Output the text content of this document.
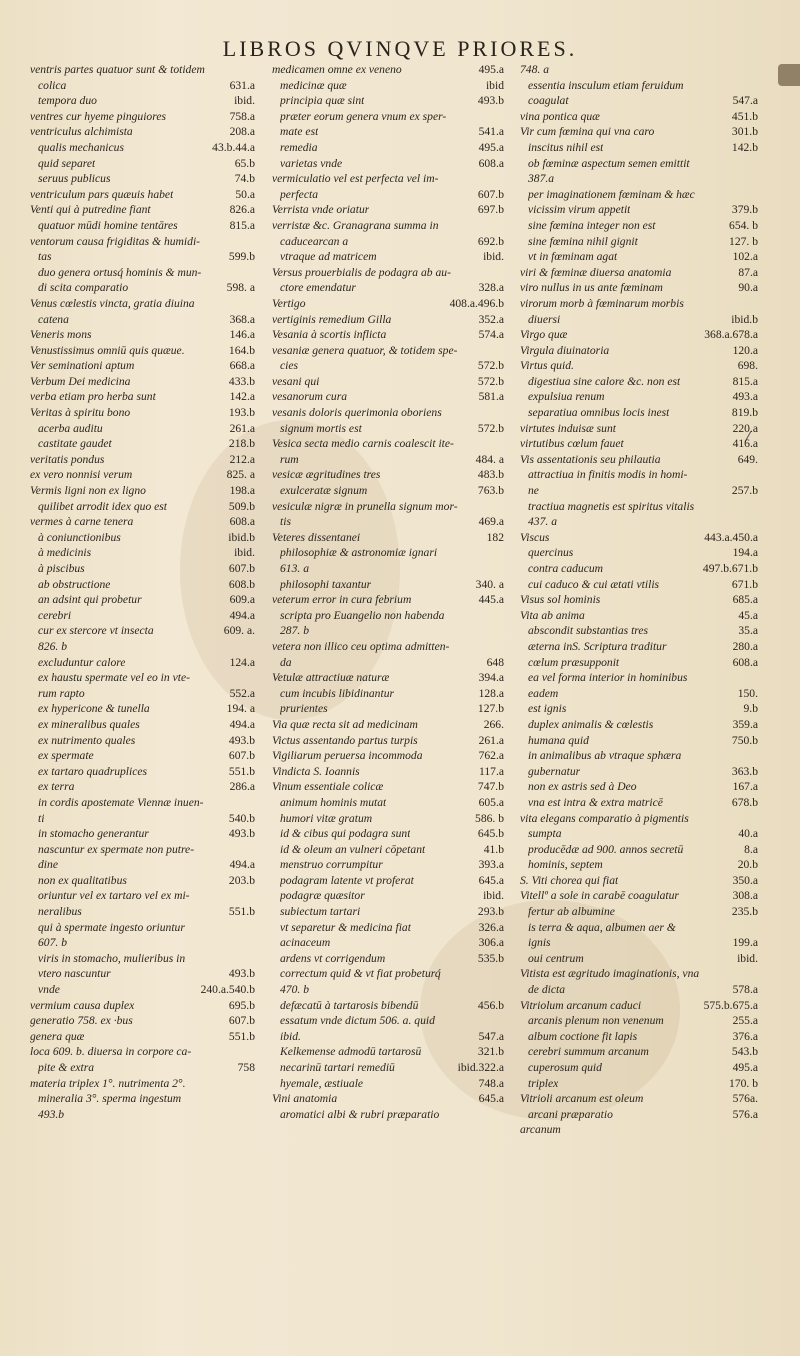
LIBROS QVINQVE PRIORES.
ventris partes quatuor sunt & totidem
colica	631.a
tempora duo	ibid.
ventres cur hyeme pinguiores	758.a
ventriculus alchimista	208.a
qualis mechanicus	43.b.44.a
quid separet	65.b
seruus publicus	74.b
ventriculum pars quæuis habet	50.a
Venti qui à putredine fiant	826.a
quatuor mūdi homine tentāres	815.a
ventorum causa frigiditas & humidi-
tas	599.b
duo genera ortusq́ hominis & mun-
di scita comparatio	598. a
Venus cœlestis vincta, gratia diuina
catena	368.a
Veneris mons	146.a
Venustissimus omniū quis quæue.	164.b
Ver seminationi aptum	668.a
Verbum Dei medicina	433.b
verba etiam pro herba sunt	142.a
Veritas à spiritu bono	193.b
acerba auditu	261.a
castitate gaudet	218.b
veritatis pondus	212.a
ex vero nonnisi verum	825. a
Vermis ligni non ex ligno	198.a
quilibet arrodit idex quo est	509.b
vermes à carne tenera	608.a
à coniunctionibus	ibid.b
à medicinis	ibid.
à piscibus	607.b
ab obstructione	608.b
an adsint qui probetur	609.a
cerebri	494.a
cur ex stercore vt insecta	609. a.
826. b
excluduntur calore	124.a
ex haustu spermate vel eo in vte-
rum rapto	552.a
ex hypericone & tunella	194. a
ex mineralibus quales	494.a
ex nutrimento quales	493.b
ex spermate	607.b
ex tartaro quadruplices	551.b
ex terra	286.a
in cordis apostemate Viennæ inuen-
ti	540.b
in stomacho generantur	493.b
nascuntur ex spermate non putre-
dine	494.a
non ex qualitatibus	203.b
oriuntur vel ex tartaro vel ex mi-
neralibus	551.b
qui à spermate ingesto oriuntur
607. b
viris in stomacho, mulieribus in
vtero nascuntur	493.b
vnde	240.a.540.b
vermium causa duplex	695.b
generatio 758. ex ·bus	607.b
genera quæ	551.b
loca 609. b. diuersa in corpore ca-
pite & extra	758
materia triplex 1°. nutrimenta 2°.
mineralia 3°. sperma ingestum
493.b
medicamen omne ex veneno	495.a
medicinæ quæ	ibid
principia quæ sint	493.b
præter eorum genera vnum ex sper-
mate est	541.a
remedia	495.a
varietas vnde	608.a
vermiculatio vel est perfecta vel im-
perfecta	607.b
Verrista vnde oriatur	697.b
verristæ &c. Granagrana summa in
caducearcan a	692.b
vtraque ad matricem	ibid.
Versus prouerbialis de podagra ab au-
ctore emendatur	328.a
Vertigo	408.a.496.b
vertiginis remedium Gilla	352.a
Vesania à scortis inflicta	574.a
vesaniæ genera quatuor, & totidem spe-
cies	572.b
vesani qui	572.b
vesanorum cura	581.a
vesanis doloris querimonia oboriens
signum mortis est	572.b
Vesica secta medio carnis coalescit ite-
rum	484. a
vesicæ ægritudines tres	483.b
exulceratæ signum	763.b
vesiculæ nigræ in prunella signum mor-
tis	469.a
Veteres dissentanei	182
philosophiæ & astronomiæ ignari
613. a
philosophi taxantur	340. a
veterum error in cura febrium	445.a
scriptа pro Euangelio non habenda
287. b
vetera non illico ceu optima admitten-
da	648
Vetulæ attractiuæ naturæ	394.a
cum incubis libidinantur	128.a
prurientes	127.b
Via quæ recta sit ad medicinam	266.
Victus assentando partus turpis	261.a
Vigiliarum peruersa incommoda	762.a
Vindicta S. Ioannis	117.a
Vinum essentiale colicæ	747.b
animum hominis mutat	605.a
humori vitæ gratum	586. b
id & cibus qui podagra sunt	645.b
id & oleum an vulneri cōpetant	41.b
menstruo corrumpitur	393.a
podagram latente vt proferat	645.a
podagræ quæsitor	ibid.
subiectum tartari	293.b
vt separetur & medicina fiat	326.a
acinaceum	306.a
ardens vt corrigendum	535.b
correctum quid & vt fiat probeturq́
470. b
defæcatū à tartarosis bibendū	456.b
essatum vnde dictum 506. a. quid
ibid.	547.a
Kelkemense admodū tartarosū	321.b
necarinū tartari remediū	ibid.322.a
hyemale, æstiuale	748.a
Vini anatomia	645.a
aromatici albi & rubri præparatio
748. a
essentia insculum etiam feruidum
coagulat	547.a
vina pontica quæ	451.b
Vir cum fœmina qui vna caro	301.b
inscitus nihil est	142.b
ob fœminæ aspectum semen emittit
387.a
per imaginationem fœminam & hæc
vicissim virum appetit	379.b
sine fœmina integer non est	654. b
sine fœmina nihil gignit	127. b
vt in fœminam agat	102.a
viri & fœminæ diuersa anatomia	87.a
viro nullus in us ante fœminam	90.a
virorum morb à fœminarum morbis
diuersi	ibid.b
Virgo quæ	368.a.678.a
Virgula diuinatoria	120.a
Virtus quid.	698.
digestiua sine calore &c. non est	815.a
expulsiua renum	493.a
separatiua omnibus locis inest	819.b
virtutes induisæ sunt	220.a
virtutibus cœlum fauet	416.a
Vis assentationis seu philautia	649.
attractiua in finitis modis in homi-
ne	257.b
tractiua magnetis est spiritus vitalis
437. a
Viscus	443.a.450.a
quercinus	194.a
contra caducum	497.b.671.b
cui caduco & cui ætati vtilis	671.b
Visus sol hominis	685.a
Vita ab anima	45.a
abscondit substantias tres	35.a
æterna inS. Scriptura traditur	280.a
cœlum præsupponit	608.a
ea vel forma interior in hominibus
eadem	150.
est ignis	9.b
duplex animalis & cœlestis	359.a
humana quid	750.b
in animalibus ab vtraque sphæra
gubernatur	363.b
non ex astris sed à Deo	167.a
vna est intra & extra matricē	678.b
vita elegans comparatio à pigmentis
sumpta	40.a
producēdæ ad 900. annos secretū	8.a
hominis, septem	20.b
S. Viti chorea qui fiat	350.a
Vitellº a sole in carabē coagulatur	308.a
fertur ab albumine	235.b
is terra & aqua, albumen aer &
ignis	199.a
oui centrum	ibid.
Vitista est ægritudo imaginationis, vna
de dicta	578.a
Vitriolum arcanum caduci	575.b.675.a
arcanis plenum non venenum	255.a
album coctione fit lapis	376.a
cerebri summum arcanum	543.b
cuperosum quid	495.a
triplex	170. b
Vitrioli arcanum est oleum	576a.
arcani præparatio	576.a
arcanum
